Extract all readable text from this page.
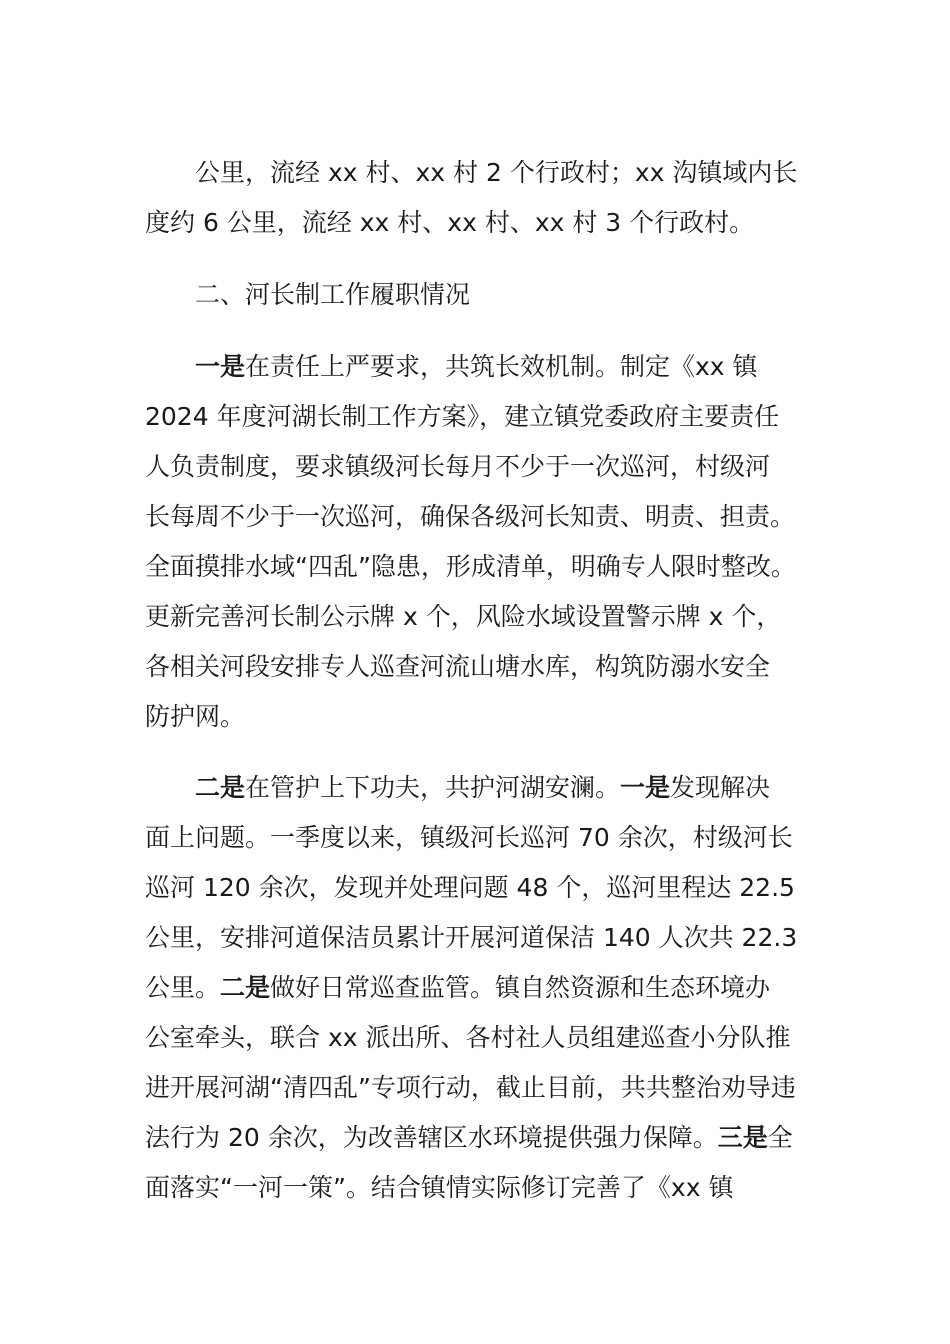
公里，流经 xx 村、xx 村 2 个行政村；xx 沟镇域内长
度约 6 公里，流经 xx 村、xx 村、xx 村 3 个行政村。
二、河长制工作履职情况
一是在责任上严要求，共筑长效机制。制定《xx 镇
2024 年度河湖长制工作方案》，建立镇党委政府主要责任
人负责制度，要求镇级河长每月不少于一次巡河，村级河
长每周不少于一次巡河，确保各级河长知责、明责、担责。
全面摸排水域“四乱”隐患，形成清单，明确专人限时整改。
更新完善河长制公示牌 x 个，风险水域设置警示牌 x 个，
各相关河段安排专人巡查河流山塘水库，构筑防溺水安全
防护网。
二是在管护上下功夫，共护河湖安澜。一是发现解决
面上问题。一季度以来，镇级河长巡河 70 余次，村级河长
巡河 120 余次，发现并处理问题 48 个，巡河里程达 22.5
公里，安排河道保洁员累计开展河道保洁 140 人次共 22.3
公里。二是做好日常巡查监管。镇自然资源和生态环境办
公室牵头，联合 xx 派出所、各村社人员组建巡查小分队推
进开展河湖“清四乱”专项行动，截止目前，共共整治劝导违
法行为 20 余次，为改善辖区水环境提供强力保障。三是全
面落实“一河一策”。结合镇情实际修订完善了《xx 镇
